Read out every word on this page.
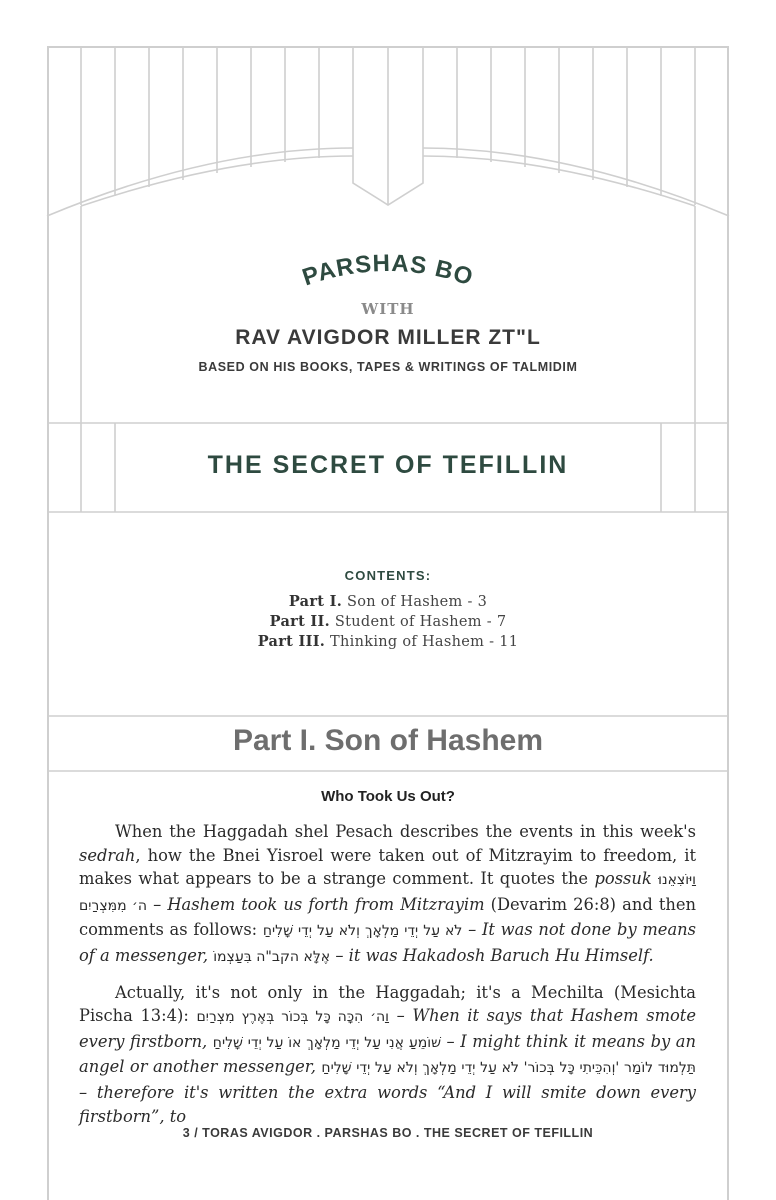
PARSHAS BO
WITH
RAV AVIGDOR MILLER ZT"L
BASED ON HIS BOOKS, TAPES & WRITINGS OF TALMIDIM
THE SECRET OF TEFILLIN
CONTENTS:
Part I. Son of Hashem - 3
Part II. Student of Hashem - 7
Part III. Thinking of Hashem - 11
Part I. Son of Hashem
Who Took Us Out?

When the Haggadah shel Pesach describes the events in this week's sedrah, how the Bnei Yisroel were taken out of Mitzrayim to freedom, it makes what appears to be a strange comment. It quotes the possuk וַיּוֹצִאֵנוּ ה׳ מִמִּצְרַיִם – Hashem took us forth from Mitzrayim (Devarim 26:8) and then comments as follows: לֹא עַל יְדֵי מַלְאָךְ וְלֹא עַל יְדֵי שָׁלִיחַ – It was not done by means of a messenger, אֶלָּא הקב"ה בִּעַצְמוֹ – it was Hakadosh Baruch Hu Himself.

Actually, it's not only in the Haggadah; it's a Mechilta (Mesichta Pischa 13:4): וַה׳ הִכָּה כָּל בְּכוֹר בְּאֶרֶץ מִצְרַיִם – When it says that Hashem smote every firstborn, שׁוֹמֵעַ אֲנִי עַל יְדֵי מַלְאָךְ אוֹ עַל יְדֵי שָׁלִיחַ – I might think it means by an angel or another messenger, תַּלְמוּד לוֹמַר 'וְהִכֵּיתִי כָּל בְּכוֹר' לֹא עַל יְדֵי מַלְאָךְ וְלֹא עַל יְדֵי שָׁלִיחַ – therefore it's written the extra words “And I will smite down every firstborn”, to

3 / TORAS AVIGDOR . PARSHAS BO . THE SECRET OF TEFILLIN
